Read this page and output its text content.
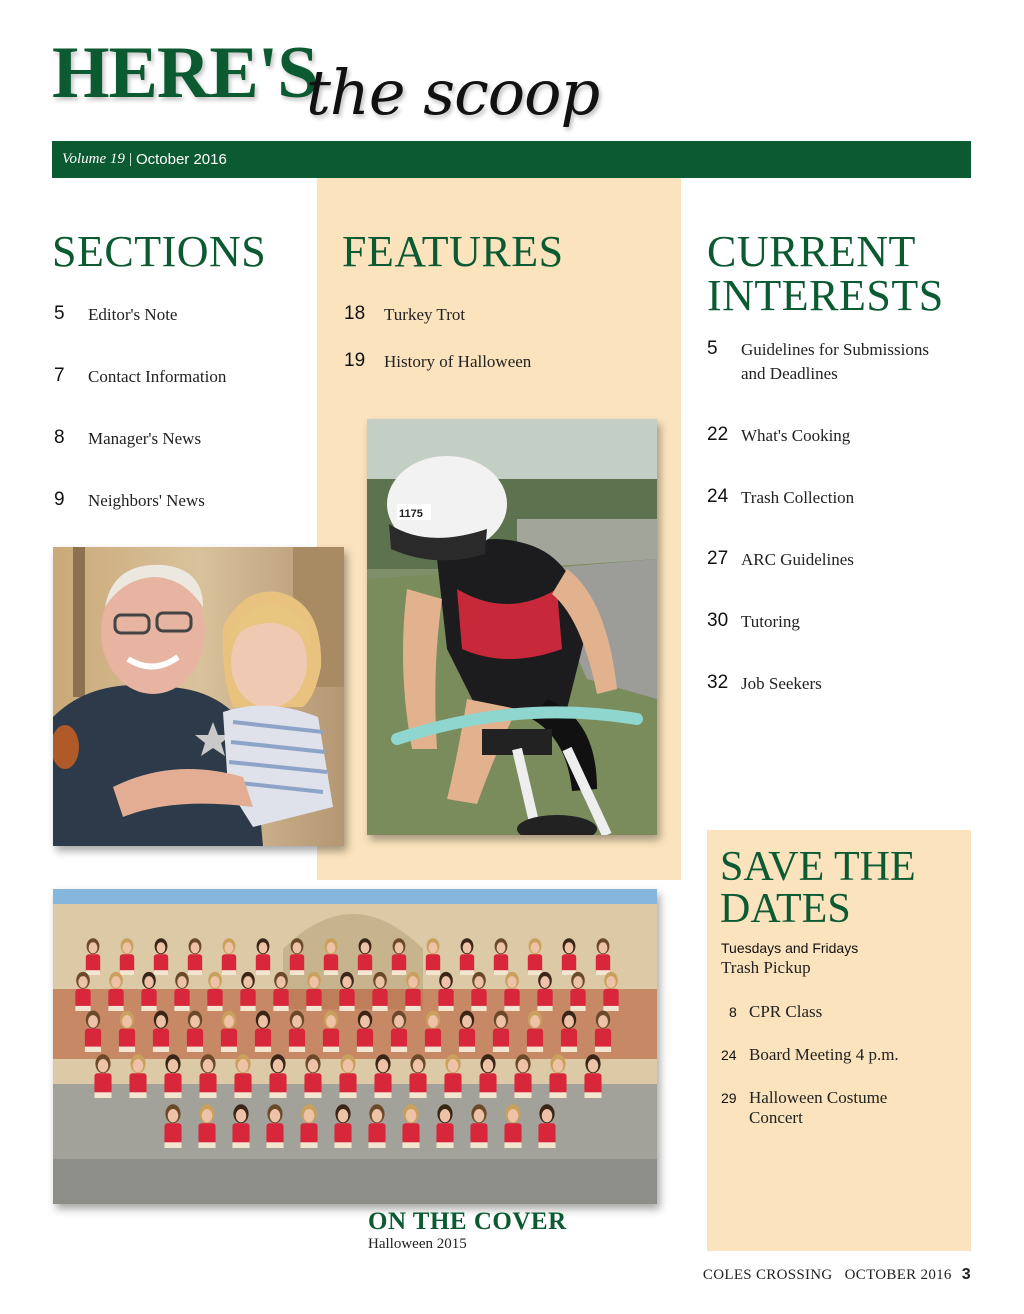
HERE'S
the scoop
Volume 19 | October 2016
SECTIONS
5	Editor's Note
7	Contact Information
8	Manager's News
9	Neighbors' News
FEATURES
18	Turkey Trot
19	History of Halloween
CURRENT
INTERESTS
5	Guidelines for Submissions
and Deadlines
22 What's Cooking
24 Trash Collection
27 ARC Guidelines
30 Tutoring
32 Job Seekers
1175
ON THE COVER
Halloween 2015
SAVE THE
DATES
Tuesdays and Fridays
Trash Pickup
8 CPR Class
24 Board Meeting 4 p.m.
29 Halloween Costume
Concert
COLES CROSSING OCTOBER 2016 3
